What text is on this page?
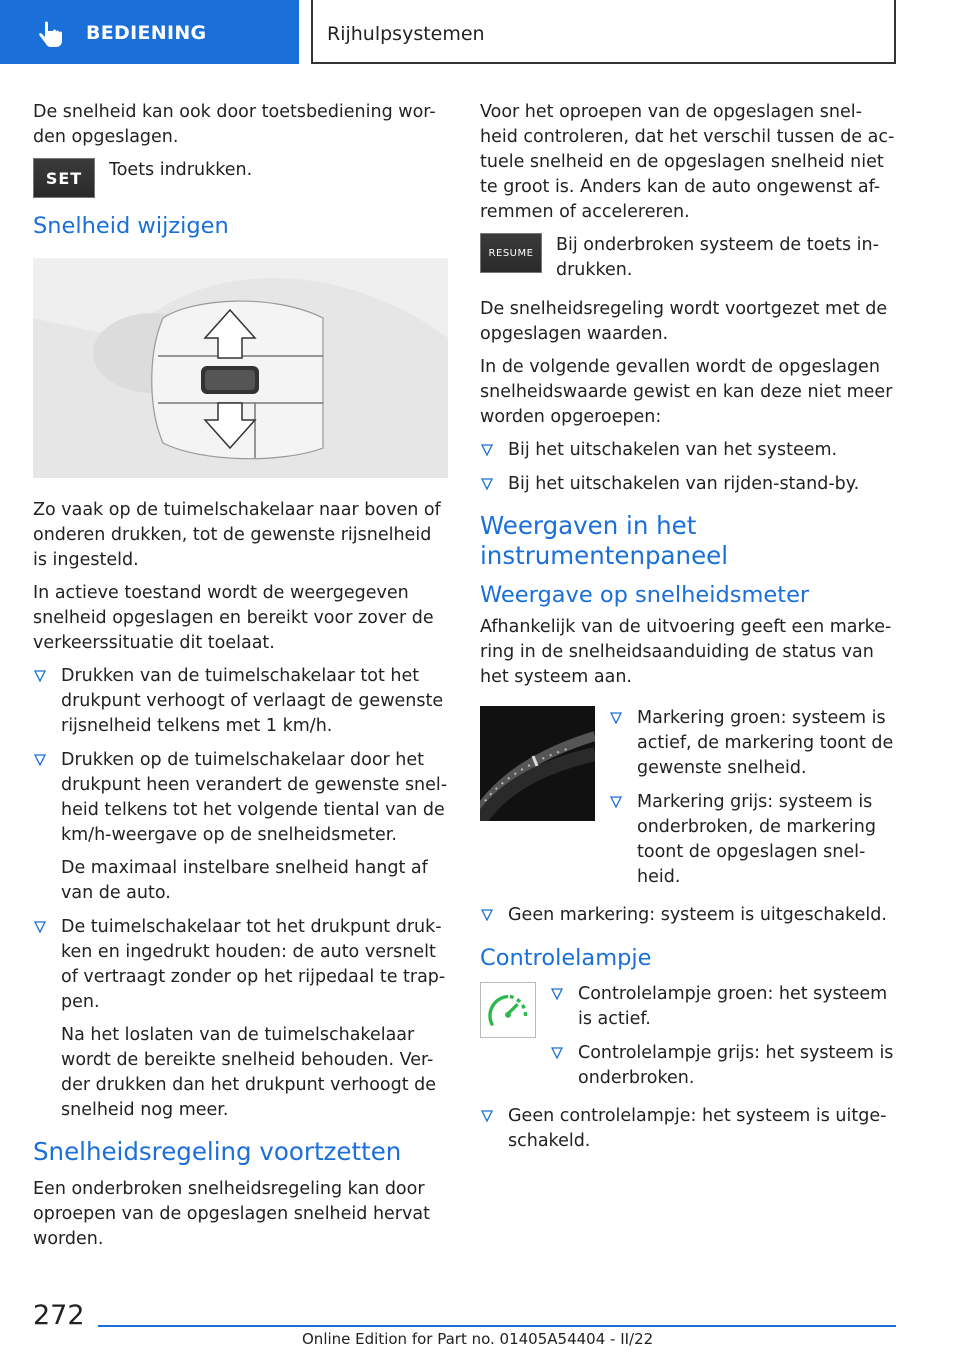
BEDIENING	Rijhulpsystemen

De snelheid kan ook door toetsbediening wor-den opgeslagen.

SET	Toets indrukken.

Snelheid wijzigen

Zo vaak op de tuimelschakelaar naar boven of onderen drukken, tot de gewenste rijsnelheid is ingesteld.

In actieve toestand wordt de weergegeven snelheid opgeslagen en bereikt voor zover de verkeerssituatie dit toelaat.

Drukken van de tuimelschakelaar tot het drukpunt verhoogt of verlaagt de gewenste rijsnelheid telkens met 1 km/h.
Drukken op de tuimelschakelaar door het drukpunt heen verandert de gewenste snel-heid telkens tot het volgende tiental van de km/h-weergave op de snelheidsmeter.

De maximaal instelbare snelheid hangt af van de auto.

De tuimelschakelaar tot het drukpunt druk-ken en ingedrukt houden: de auto versnelt of vertraagt zonder op het rijpedaal te trap-pen.

Na het loslaten van de tuimelschakelaar wordt de bereikte snelheid behouden. Ver-der drukken dan het drukpunt verhoogt de snelheid nog meer.

Snelheidsregeling voortzetten

Een onderbroken snelheidsregeling kan door oproepen van de opgeslagen snelheid hervat worden.

Voor het oproepen van de opgeslagen snel-heid controleren, dat het verschil tussen de ac-tuele snelheid en de opgeslagen snelheid niet te groot is. Anders kan de auto ongewenst af-remmen of accelereren.

RESUME	Bij onderbroken systeem de toets in-drukken.

De snelheidsregeling wordt voortgezet met de opgeslagen waarden.

In de volgende gevallen wordt de opgeslagen snelheidswaarde gewist en kan deze niet meer worden opgeroepen:

Bij het uitschakelen van het systeem.
Bij het uitschakelen van rijden-stand-by.
Weergaven in het instrumentenpaneel
Weergave op snelheidsmeter

Afhankelijk van de uitvoering geeft een marke-ring in de snelheidsaanduiding de status van het systeem aan.

Markering groen: systeem is actief, de markering toont de gewenste snelheid.
Markering grijs: systeem is onderbroken, de markering toont de opgeslagen snel-heid.
Geen markering: systeem is uitgeschakeld.
Controlelampje
Controlelampje groen: het systeem is actief.
Controlelampje grijs: het systeem is onderbroken.
Geen controlelampje: het systeem is uitge-schakeld.
272
Online Edition for Part no. 01405A54404 - II/22
